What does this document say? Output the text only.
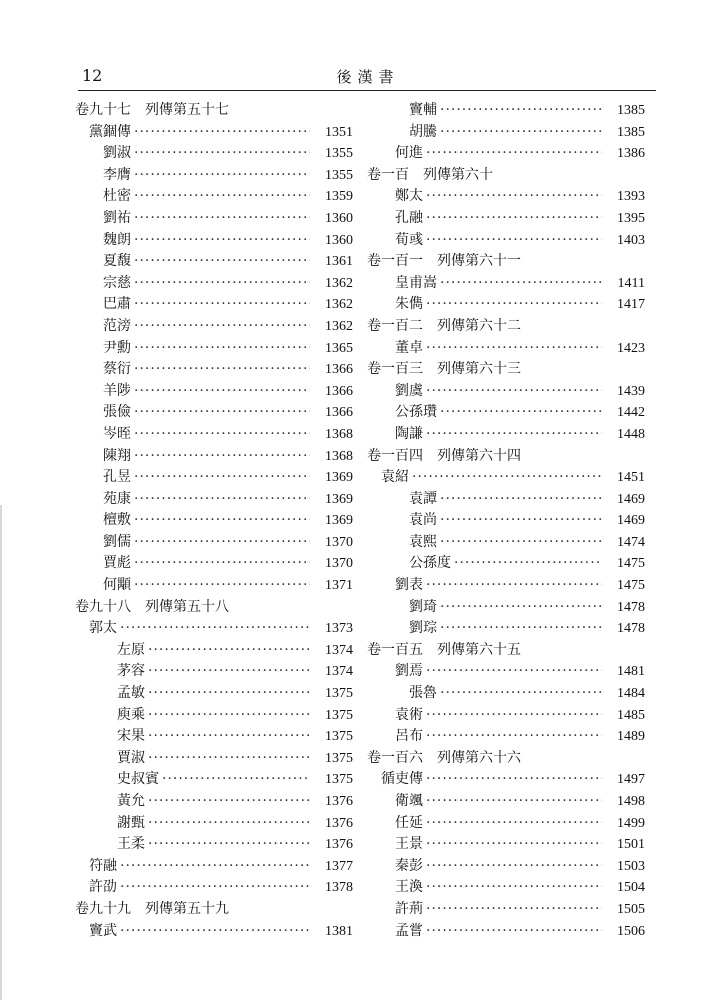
12	後漢書
卷九十七　列傳第五十七
黨錮傳 ·····	1351
劉淑 ·····	1355
李膺 ·····	1355
杜密 ·····	1359
劉祐 ·····	1360
魏朗 ·····	1360
夏馥 ·····	1361
宗慈 ·····	1362
巴肅 ·····	1362
范滂 ·····	1362
尹勳 ·····	1365
蔡衍 ·····	1366
羊陟 ·····	1366
張儉 ·····	1366
岑晊 ·····	1368
陳翔 ·····	1368
孔昱 ·····	1369
苑康 ·····	1369
檀敷 ·····	1369
劉儒 ·····	1370
賈彪 ·····	1370
何顒 ·····	1371
卷九十八　列傳第五十八
郭太 ·····	1373
左原 ·····	1374
茅容 ·····	1374
孟敏 ·····	1375
庾乘 ·····	1375
宋果 ·····	1375
賈淑 ·····	1375
史叔賓 ·····	1375
黃允 ·····	1376
謝甄 ·····	1376
王柔 ·····	1376
符融 ·····	1377
許劭 ·····	1378
卷九十九　列傳第五十九
竇武 ·····	1381
竇輔 ·····	1385
胡騰 ·····	1385
何進 ·····	1386
卷一百　列傳第六十
鄭太 ·····	1393
孔融 ·····	1395
荀彧 ·····	1403
卷一百一　列傳第六十一
皇甫嵩 ·····	1411
朱儁 ·····	1417
卷一百二　列傳第六十二
董卓 ·····	1423
卷一百三　列傳第六十三
劉虞 ·····	1439
公孫瓚 ·····	1442
陶謙 ·····	1448
卷一百四　列傳第六十四
袁紹 ·····	1451
袁譚 ·····	1469
袁尚 ·····	1469
袁熙 ·····	1474
公孫度 ·····	1475
劉表 ·····	1475
劉琦 ·····	1478
劉琮 ·····	1478
卷一百五　列傳第六十五
劉焉 ·····	1481
張魯 ·····	1484
袁術 ·····	1485
呂布 ·····	1489
卷一百六　列傳第六十六
循吏傳 ·····	1497
衛颯 ·····	1498
任延 ·····	1499
王景 ·····	1501
秦彭 ·····	1503
王渙 ·····	1504
許荊 ·····	1505
孟嘗 ·····	1506
